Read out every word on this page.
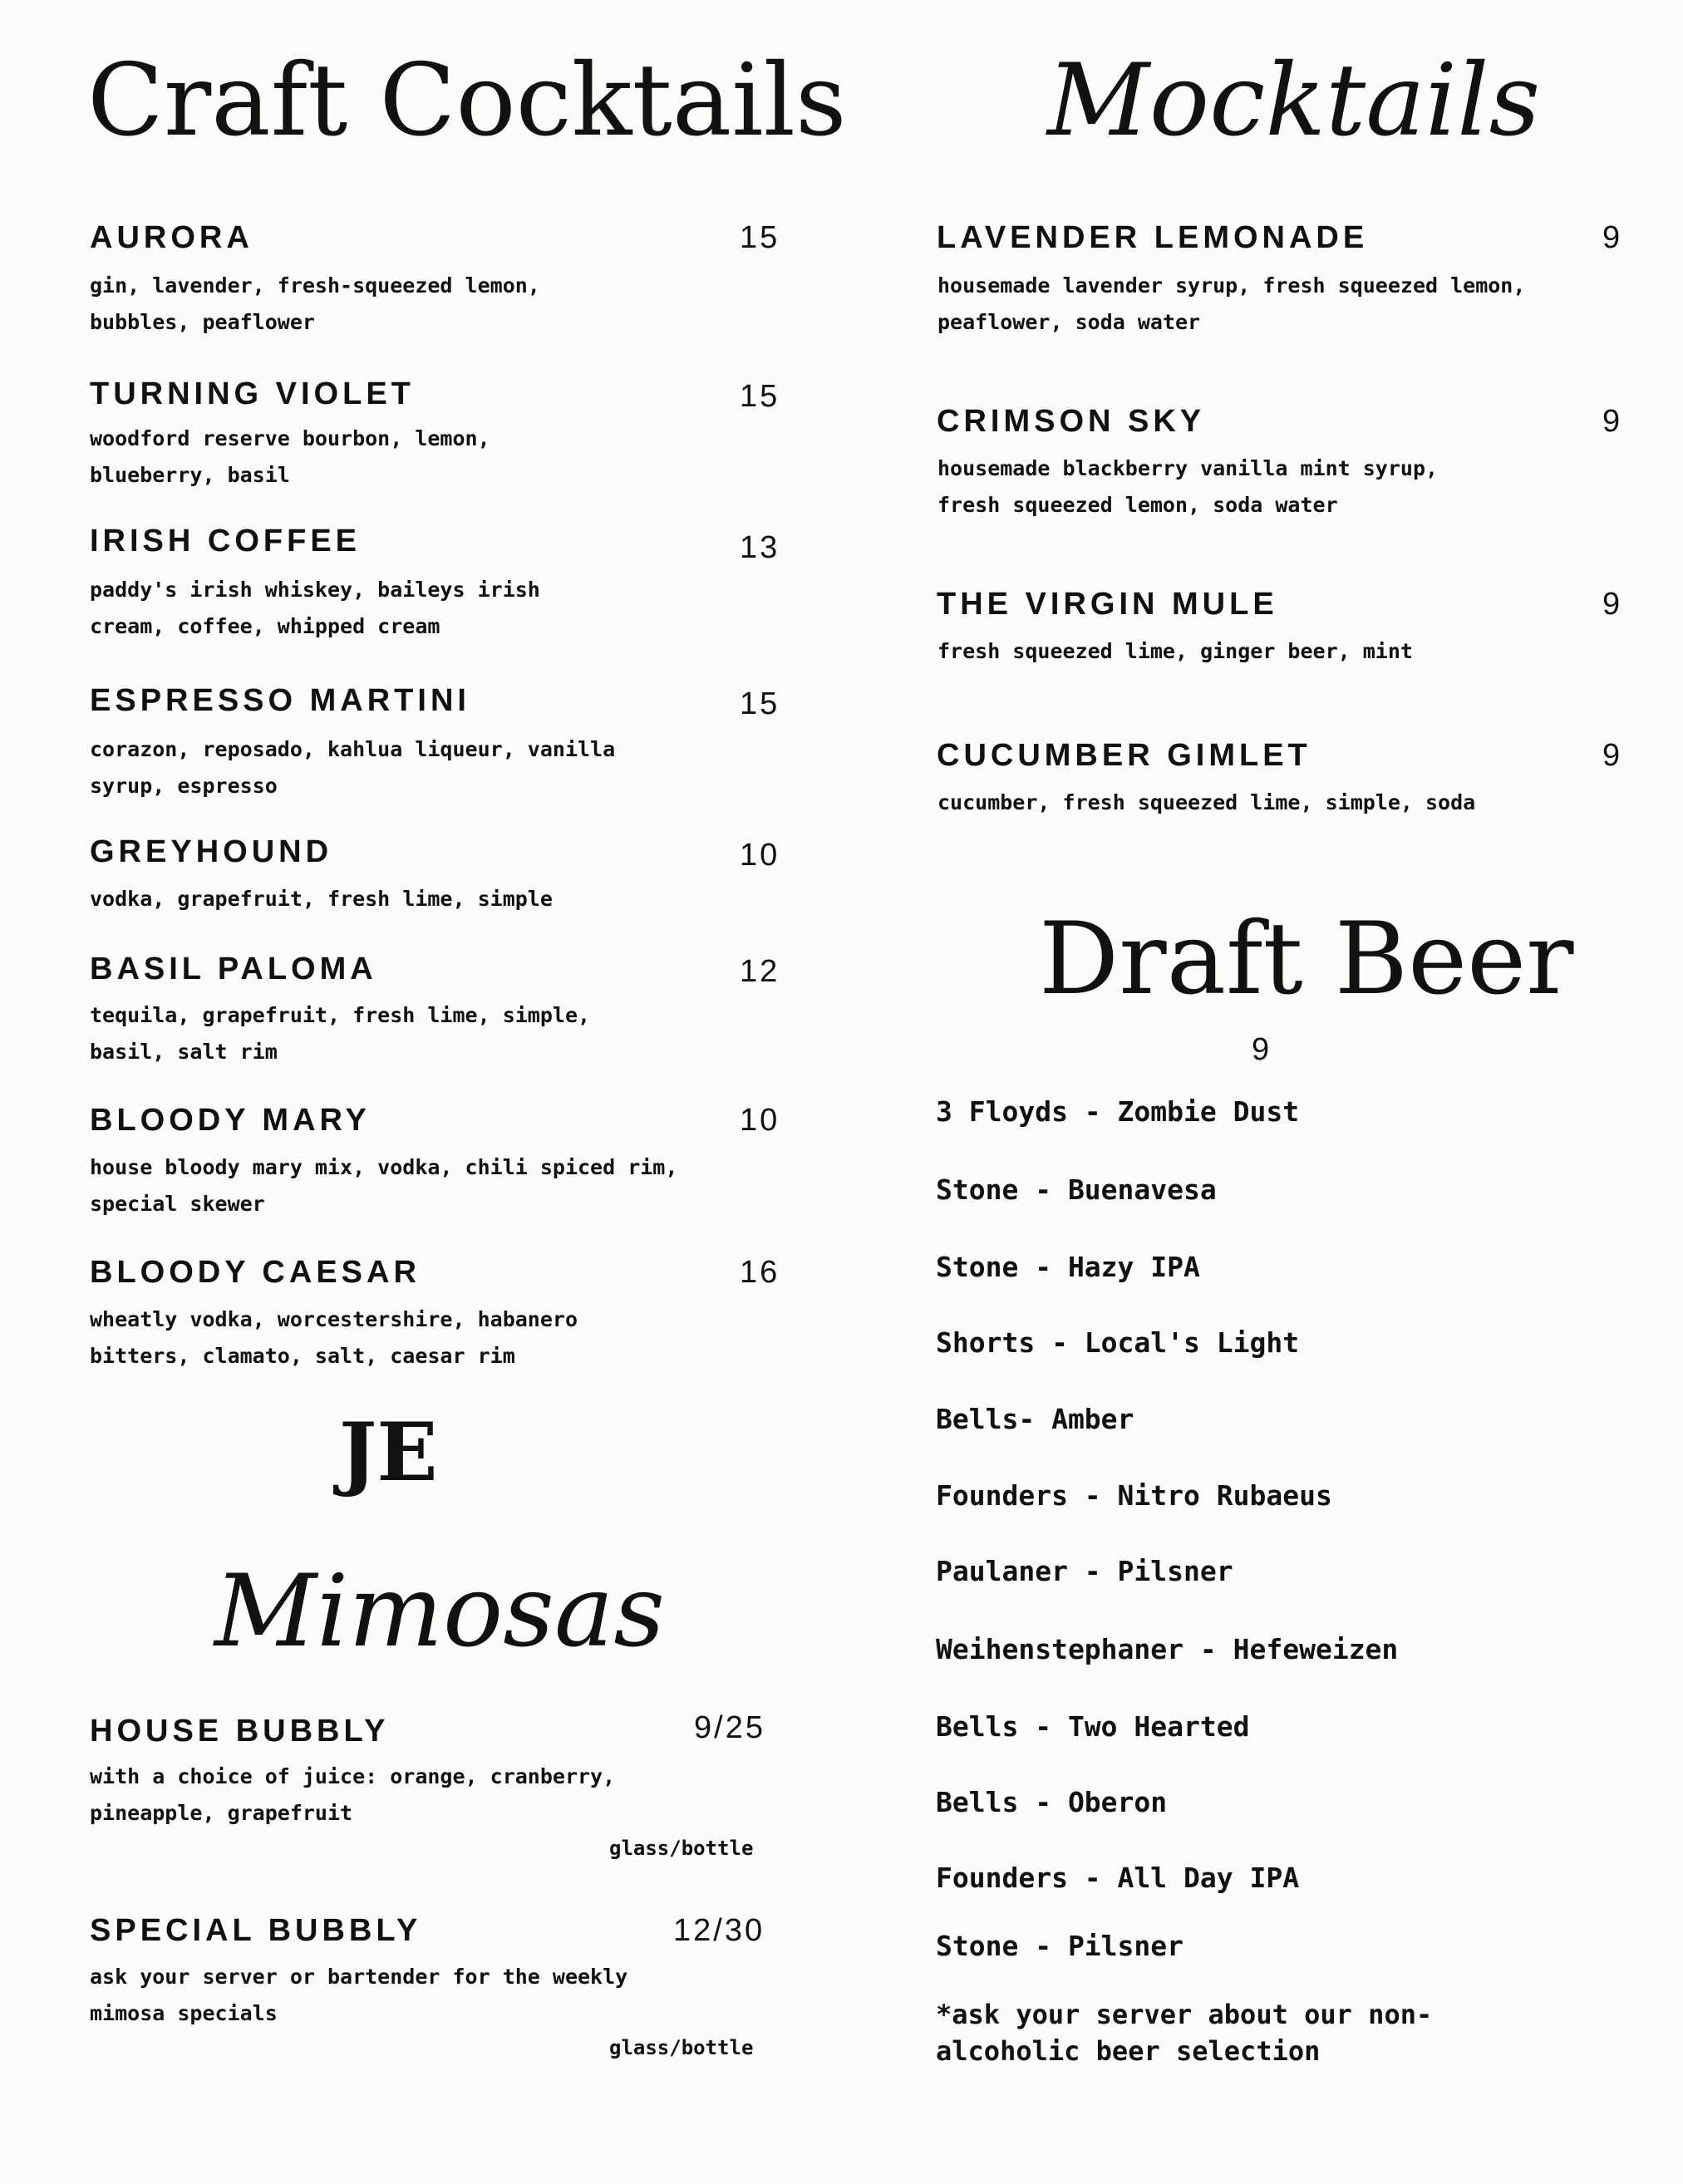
Craft Cocktails
AURORA	15
gin, lavender, fresh-squeezed lemon, bubbles, peaflower
TURNING VIOLET	15
woodford reserve bourbon, lemon, blueberry, basil
IRISH COFFEE	13
paddy's irish whiskey, baileys irish cream, coffee, whipped cream
ESPRESSO MARTINI	15
corazon, reposado, kahlua liqueur, vanilla syrup, espresso
GREYHOUND	10
vodka, grapefruit, fresh lime, simple
BASIL PALOMA	12
tequila, grapefruit, fresh lime, simple, basil, salt rim
BLOODY MARY	10
house bloody mary mix, vodka, chili spiced rim, special skewer
BLOODY CAESAR	16
wheatly vodka, worcestershire, habanero bitters, clamato, salt, caesar rim
JE
Mimosas
HOUSE BUBBLY	9/25
with a choice of juice: orange, cranberry, pineapple, grapefruit
glass/bottle
SPECIAL BUBBLY	12/30
ask your server or bartender for the weekly mimosa specials
glass/bottle
Mocktails
LAVENDER LEMONADE	9
housemade lavender syrup, fresh squeezed lemon, peaflower, soda water
CRIMSON SKY	9
housemade blackberry vanilla mint syrup, fresh squeezed lemon, soda water
THE VIRGIN MULE	9
fresh squeezed lime, ginger beer, mint
CUCUMBER GIMLET	9
cucumber, fresh squeezed lime, simple, soda
Draft Beer
9
3 Floyds - Zombie Dust
Stone - Buenavesa
Stone - Hazy IPA
Shorts - Local's Light
Bells- Amber
Founders - Nitro Rubaeus
Paulaner - Pilsner
Weihenstephaner - Hefeweizen
Bells - Two Hearted
Bells - Oberon
Founders - All Day IPA
Stone - Pilsner
*ask your server about our non-alcoholic beer selection
